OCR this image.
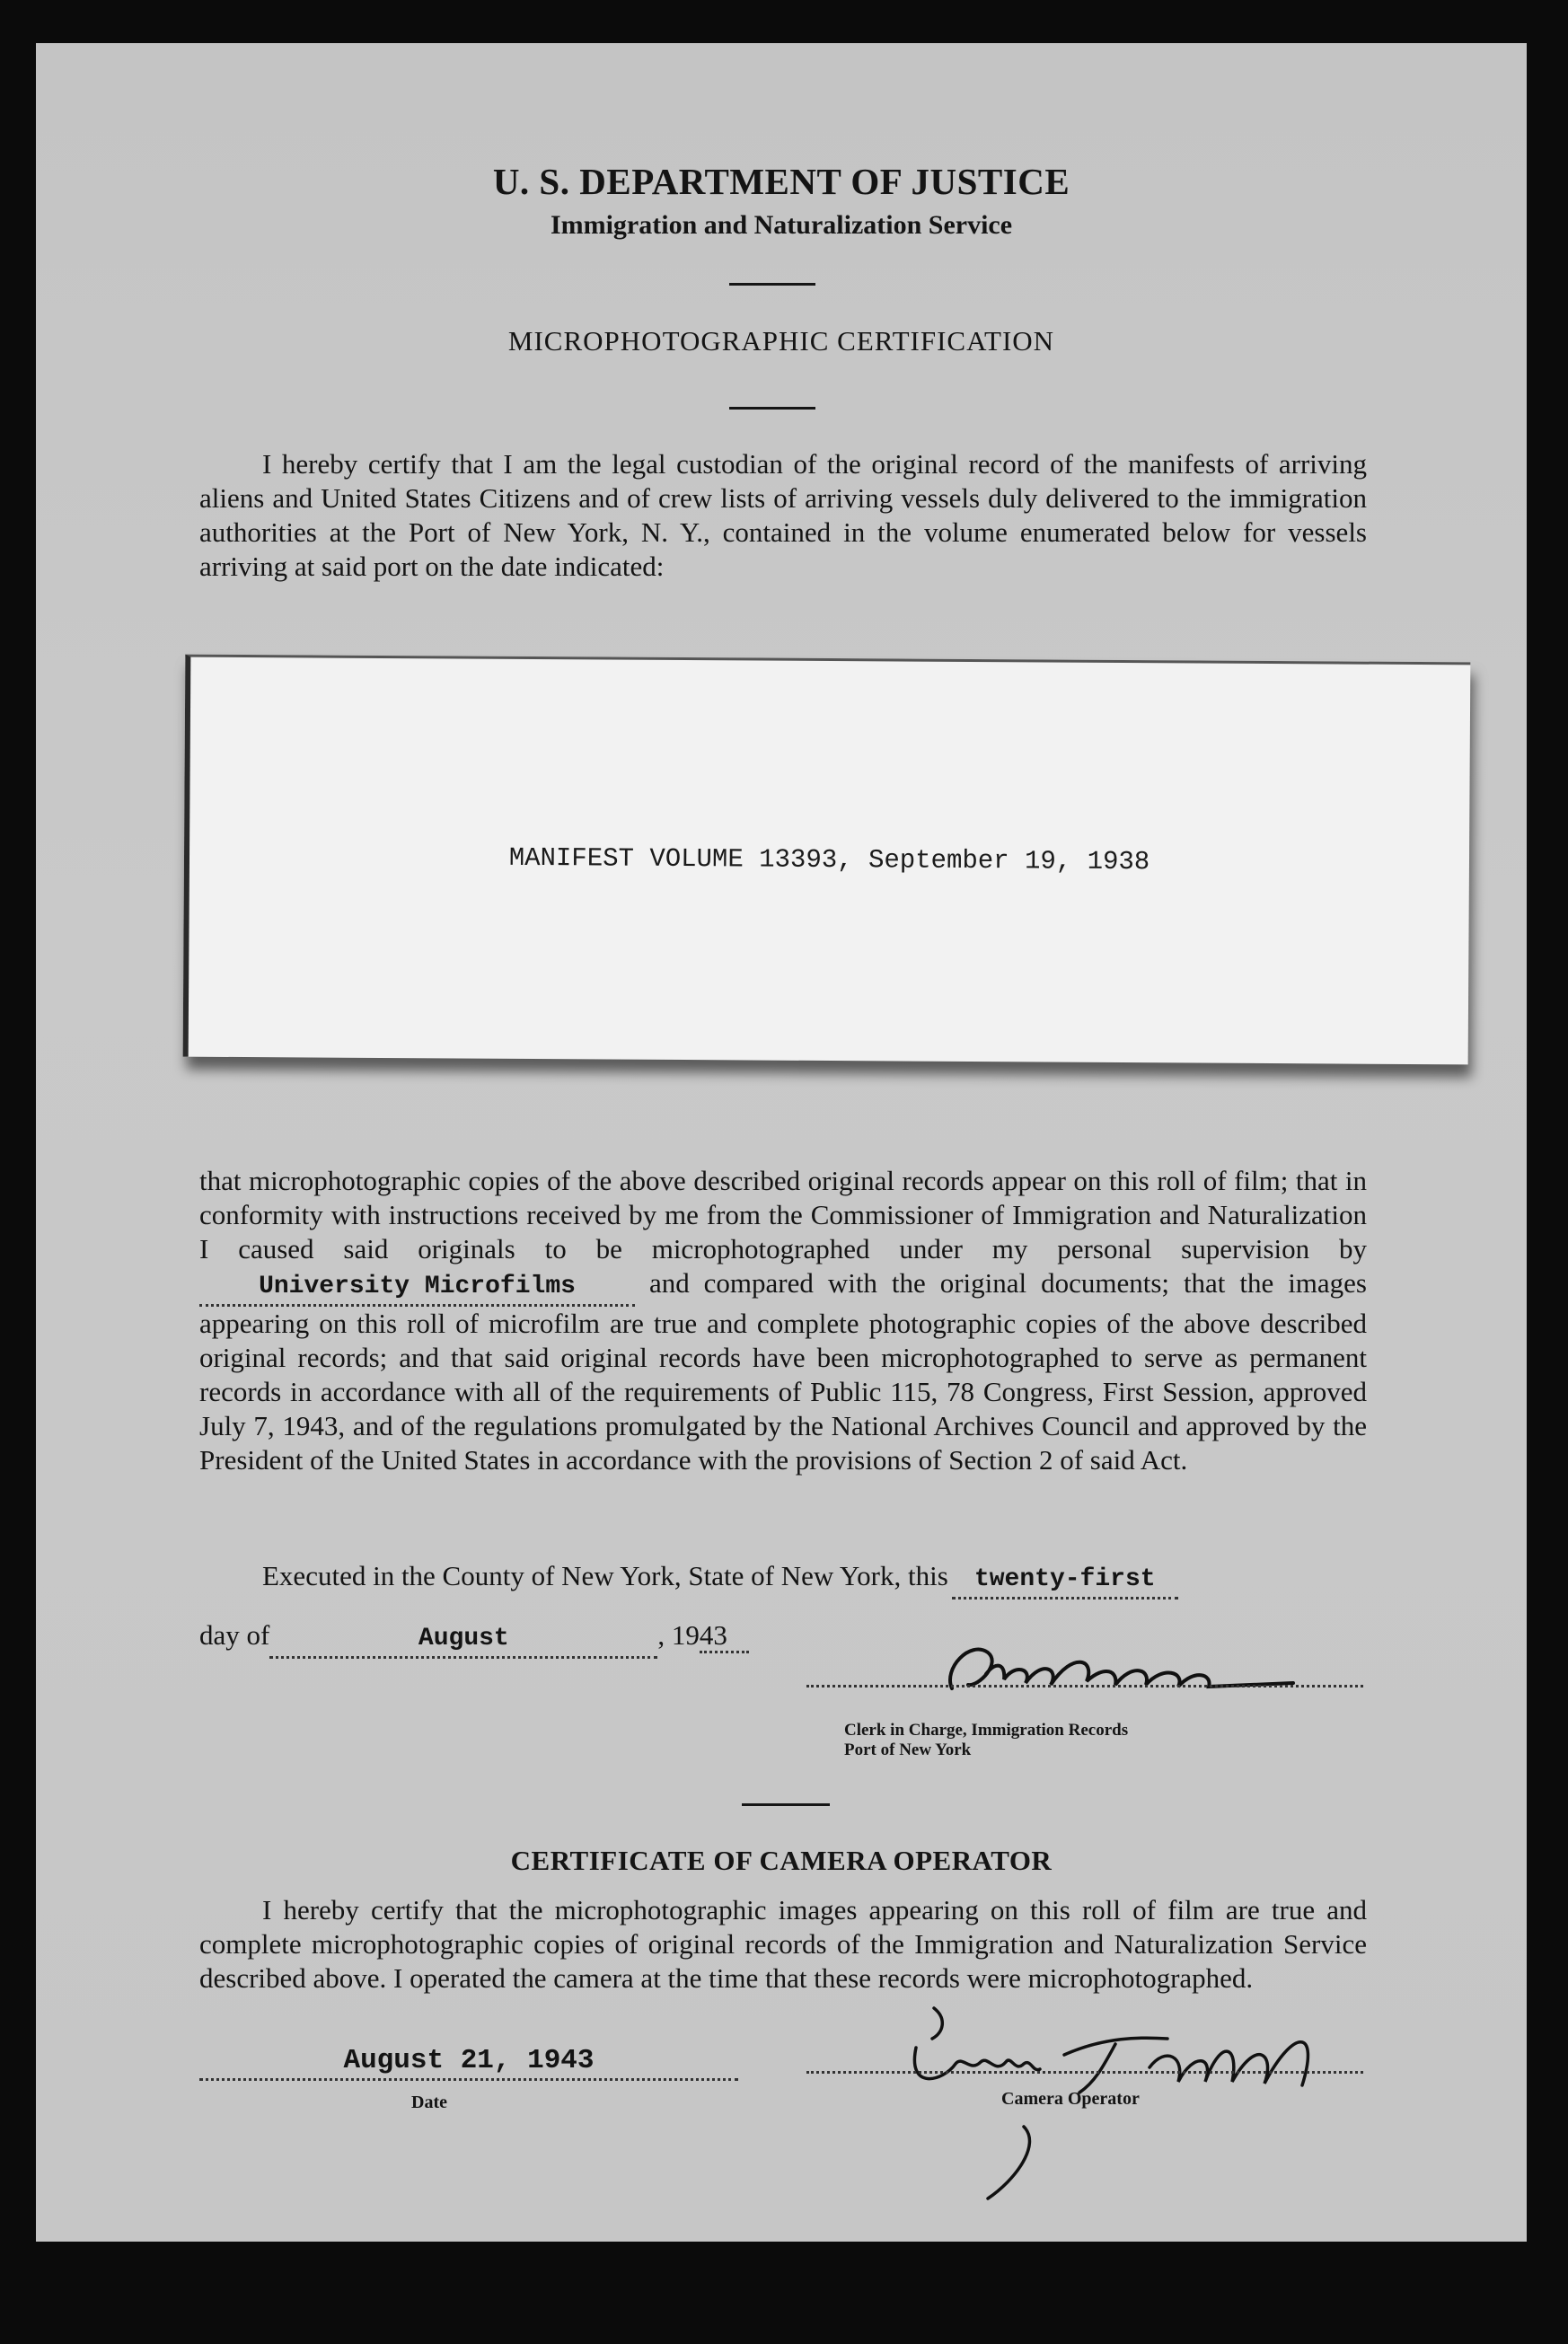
U. S. DEPARTMENT OF JUSTICE
Immigration and Naturalization Service
MICROPHOTOGRAPHIC CERTIFICATION
I hereby certify that I am the legal custodian of the original record of the manifests of arriving aliens and United States Citizens and of crew lists of arriving vessels duly delivered to the immigration authorities at the Port of New York, N. Y., contained in the volume enumerated below for vessels arriving at said port on the date indicated:
MANIFEST VOLUME 13393, September 19, 1938
that microphotographic copies of the above described original records appear on this roll of film; that in conformity with instructions received by me from the Commissioner of Immigration and Naturalization I caused said originals to be microphotographed under my personal supervision by University Microfilms	and compared with the original documents; that the images appearing on this roll of microfilm are true and complete photographic copies of the above described original records; and that said original records have been microphotographed to serve as permanent records in accordance with all of the requirements of Public 115, 78 Congress, First Session, approved July 7, 1943, and of the regulations promulgated by the National Archives Council and approved by the President of the United States in accordance with the provisions of Section 2 of said Act.
Executed in the County of New York, State of New York, this twenty-first
day of	August	, 1943
Clerk in Charge, Immigration Records
Port of New York
CERTIFICATE OF CAMERA OPERATOR
I hereby certify that the microphotographic images appearing on this roll of film are true and complete microphotographic copies of original records of the Immigration and Naturalization Service described above. I operated the camera at the time that these records were microphotographed.
August 21, 1943
Date	Camera Operator
